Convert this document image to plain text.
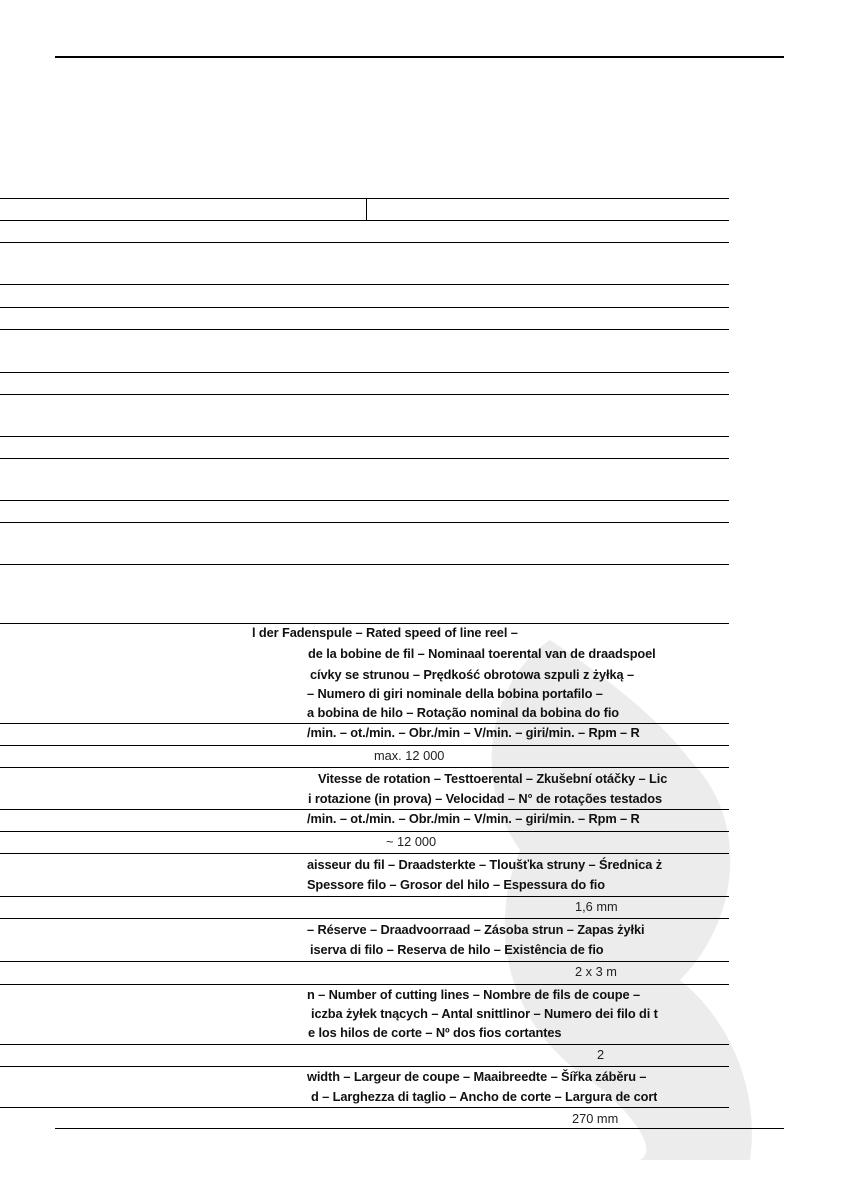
l der Fadenspule – Rated speed of line reel –
de la bobine de fil – Nominaal toerental van de draadspoel
cívky se strunou – Prędkość obrotowa szpuli z żyłką –
– Numero di giri nominale della bobina portafilo –
a bobina de hilo – Rotação nominal da bobina do fio
/min. – ot./min. – Obr./min – V/min. – giri/min. – Rpm – R
max. 12 000
Vitesse de rotation – Testtoerental – Zkušební otáčky – Lic
i rotazione (in prova) – Velocidad – N° de rotações testados
/min. – ot./min. – Obr./min – V/min. – giri/min. – Rpm – R
~ 12 000
aisseur du fil – Draadsterkte – Tloušťka struny – Średnica ż
Spessore filo – Grosor del hilo – Espessura do fio
1,6 mm
– Réserve – Draadvoorraad – Zásoba strun – Zapas żyłki
iserva di filo – Reserva de hilo – Existência de fio
2 x 3 m
n – Number of cutting lines – Nombre de fils de coupe –
iczba żyłek tnących – Antal snittlinor – Numero dei filo di t
e los hilos de corte – Nº dos fios cortantes
2
width – Largeur de coupe – Maaibreedte – Šířka záběru –
d – Larghezza di taglio – Ancho de corte – Largura de cort
270 mm
